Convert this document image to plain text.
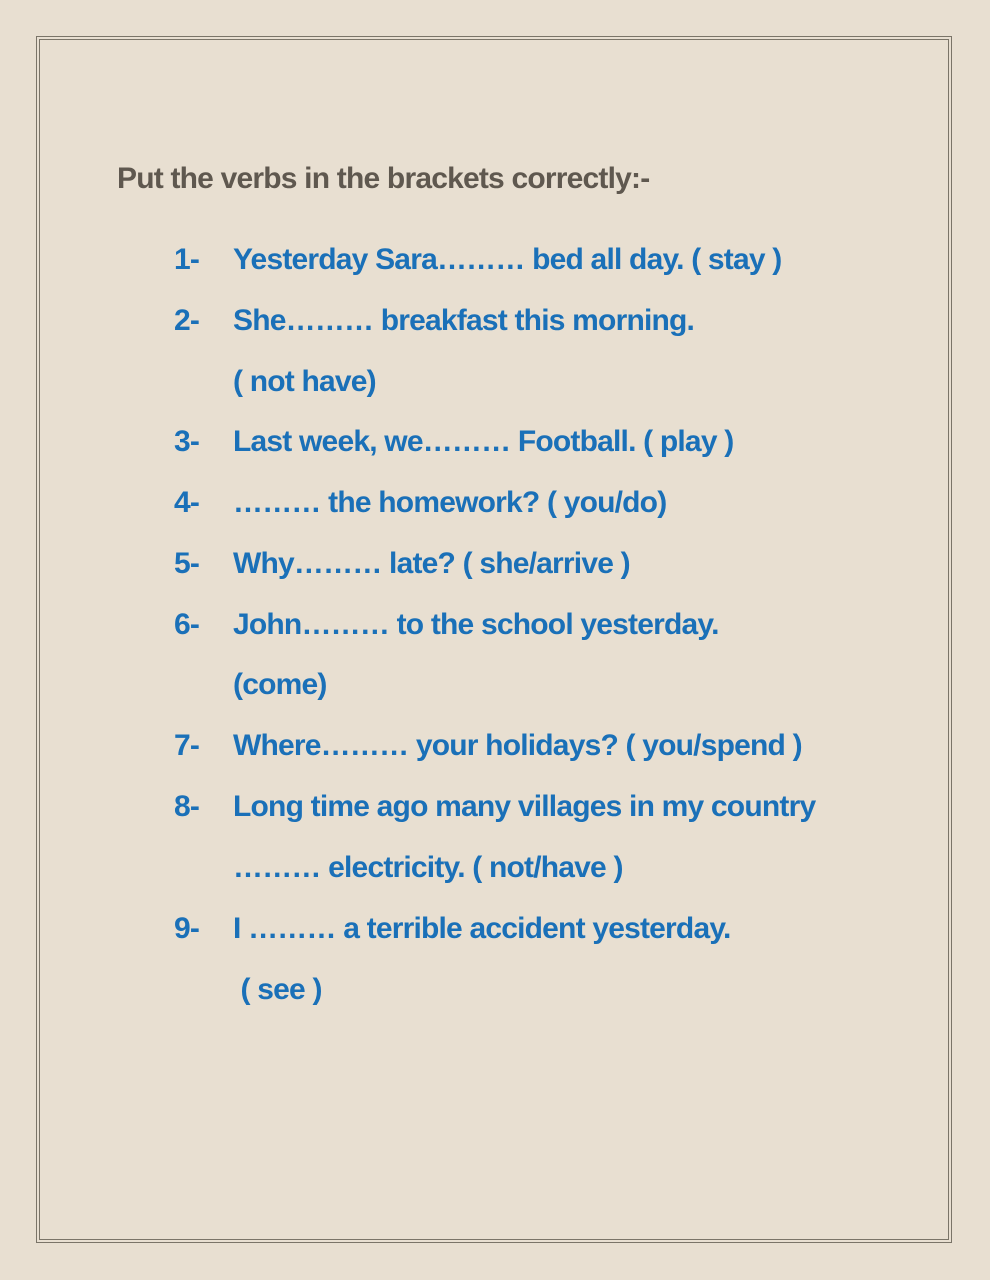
Put the verbs in the brackets correctly:-
1- Yesterday Sara……… bed all day. ( stay )
2- She……… breakfast this morning.
( not have)
3- Last week, we……… Football. ( play )
4- ……… the homework? ( you/do)
5- Why……… late? ( she/arrive )
6- John……… to the school yesterday.
(come)
7- Where……… your holidays? ( you/spend )
8- Long time ago many villages in my country
……… electricity. ( not/have )
9- I ……… a terrible accident yesterday.
( see )
